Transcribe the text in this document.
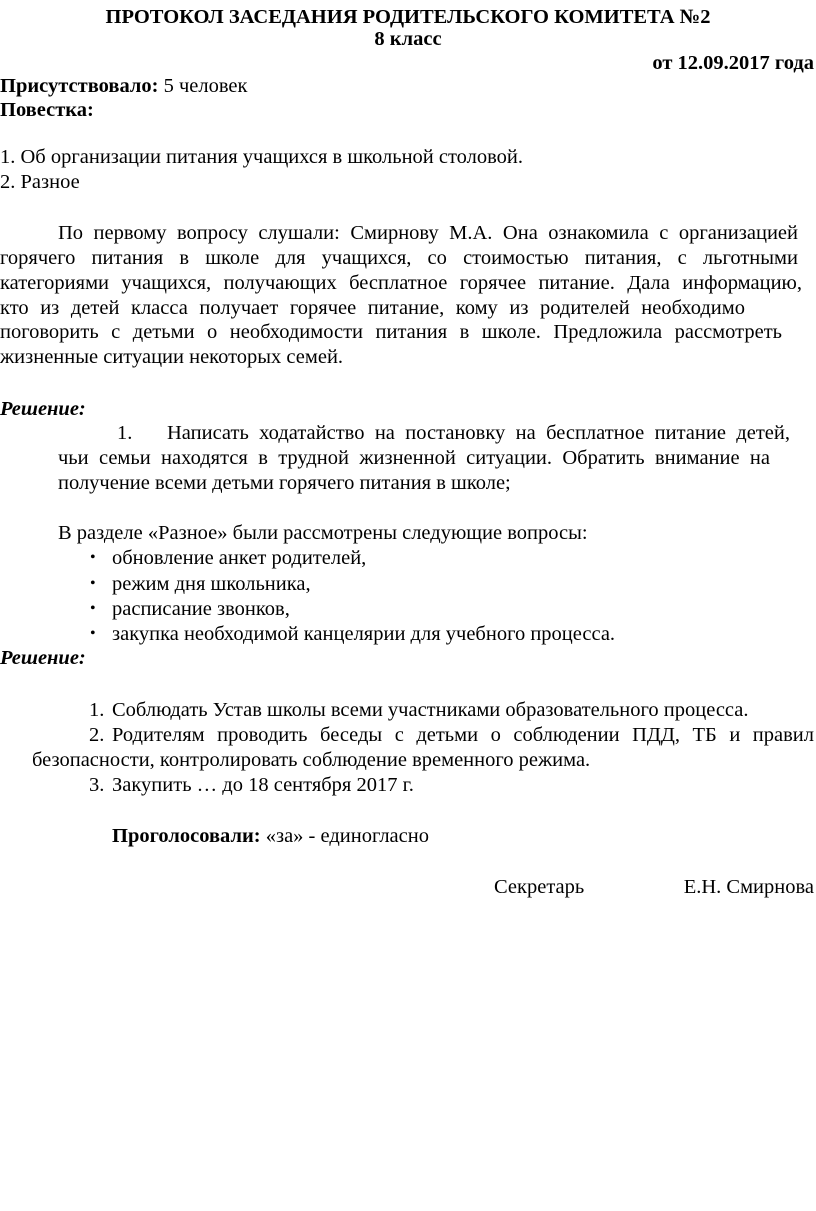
ПРОТОКОЛ ЗАСЕДАНИЯ РОДИТЕЛЬСКОГО КОМИТЕТА №2
8 класс
от 12.09.2017 года
Присутствовало: 5 человек
Повестка:
1. Об организации питания учащихся в школьной столовой.
2. Разное
По первому вопросу слушали: Смирнову М.А. Она ознакомила с организацией
горячего питания в школе для учащихся, со стоимостью питания, с льготными
категориями учащихся, получающих бесплатное горячее питание. Дала информацию,
кто из детей класса получает горячее питание, кому из родителей необходимо
поговорить с детьми о необходимости питания в школе. Предложила рассмотреть
жизненные ситуации некоторых семей.
Решение:
1. Написать ходатайство на постановку на бесплатное питание детей,
чьи семьи находятся в трудной жизненной ситуации. Обратить внимание на
получение всеми детьми горячего питания в школе;
В разделе «Разное» были рассмотрены следующие вопросы:
• обновление анкет родителей,
• режим дня школьника,
• расписание звонков,
• закупка необходимой канцелярии для учебного процесса.
Решение:
1. Соблюдать Устав школы всеми участниками образовательного процесса.
2. Родителям проводить беседы с детьми о соблюдении ПДД, ТБ и правил
безопасности, контролировать соблюдение временного режима.
3. Закупить … до 18 сентября 2017 г.
Проголосовали: «за» - единогласно
Секретарь	Е.Н. Смирнова
